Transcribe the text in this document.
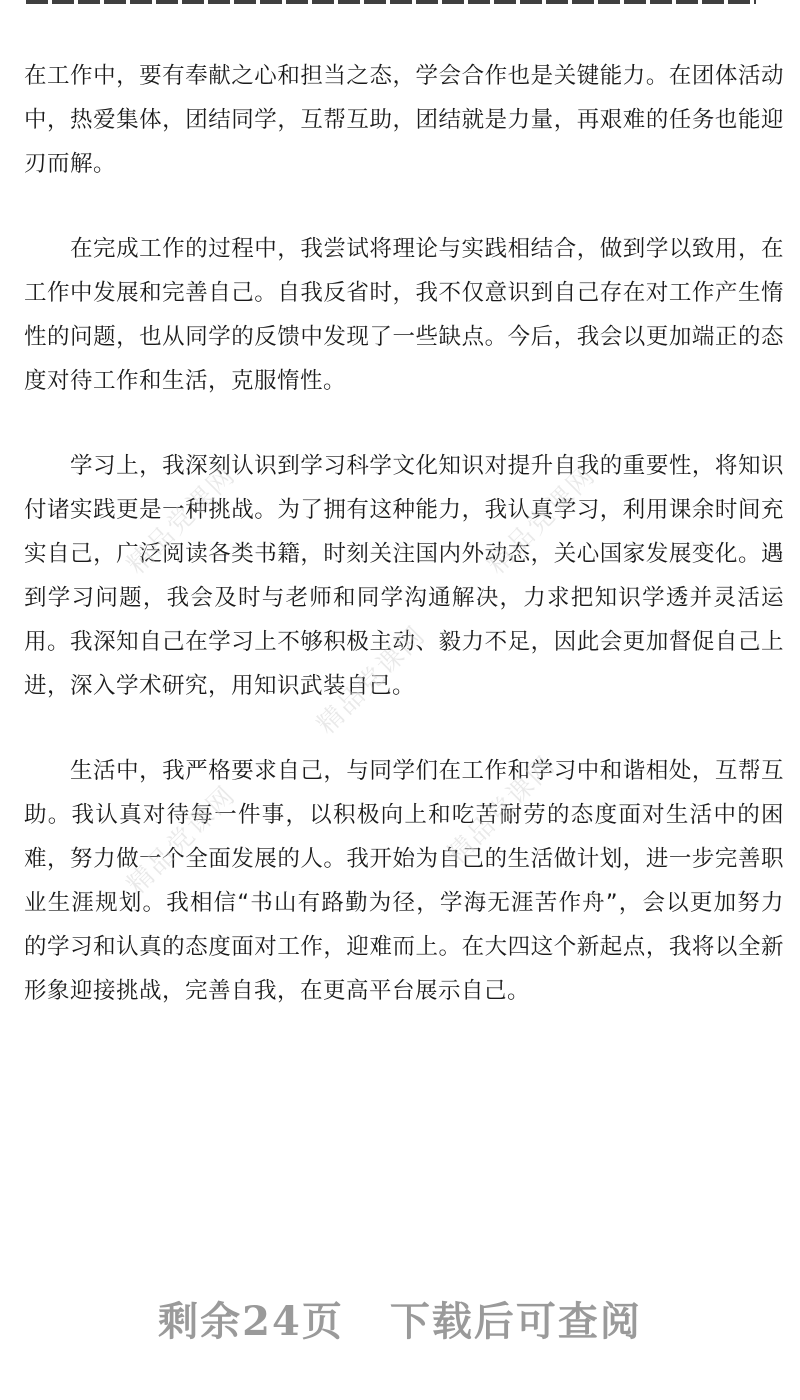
在工作中，要有奉献之心和担当之态，学会合作也是关键能力。在团体活动中，热爱集体，团结同学，互帮互助，团结就是力量，再艰难的任务也能迎刃而解。

在完成工作的过程中，我尝试将理论与实践相结合，做到学以致用，在工作中发展和完善自己。自我反省时，我不仅意识到自己存在对工作产生惰性的问题，也从同学的反馈中发现了一些缺点。今后，我会以更加端正的态度对待工作和生活，克服惰性。

学习上，我深刻认识到学习科学文化知识对提升自我的重要性，将知识付诸实践更是一种挑战。为了拥有这种能力，我认真学习，利用课余时间充实自己，广泛阅读各类书籍，时刻关注国内外动态，关心国家发展变化。遇到学习问题，我会及时与老师和同学沟通解决，力求把知识学透并灵活运用。我深知自己在学习上不够积极主动、毅力不足，因此会更加督促自己上进，深入学术研究，用知识武装自己。

生活中，我严格要求自己，与同学们在工作和学习中和谐相处，互帮互助。我认真对待每一件事，以积极向上和吃苦耐劳的态度面对生活中的困难，努力做一个全面发展的人。我开始为自己的生活做计划，进一步完善职业生涯规划。我相信“书山有路勤为径，学海无涯苦作舟”，会以更加努力的学习和认真的态度面对工作，迎难而上。在大四这个新起点，我将以全新形象迎接挑战，完善自我，在更高平台展示自己。

精品党课网	精品党课网
精品党课网
精品党课网	精品党课网
剩余24页 下载后可查阅
